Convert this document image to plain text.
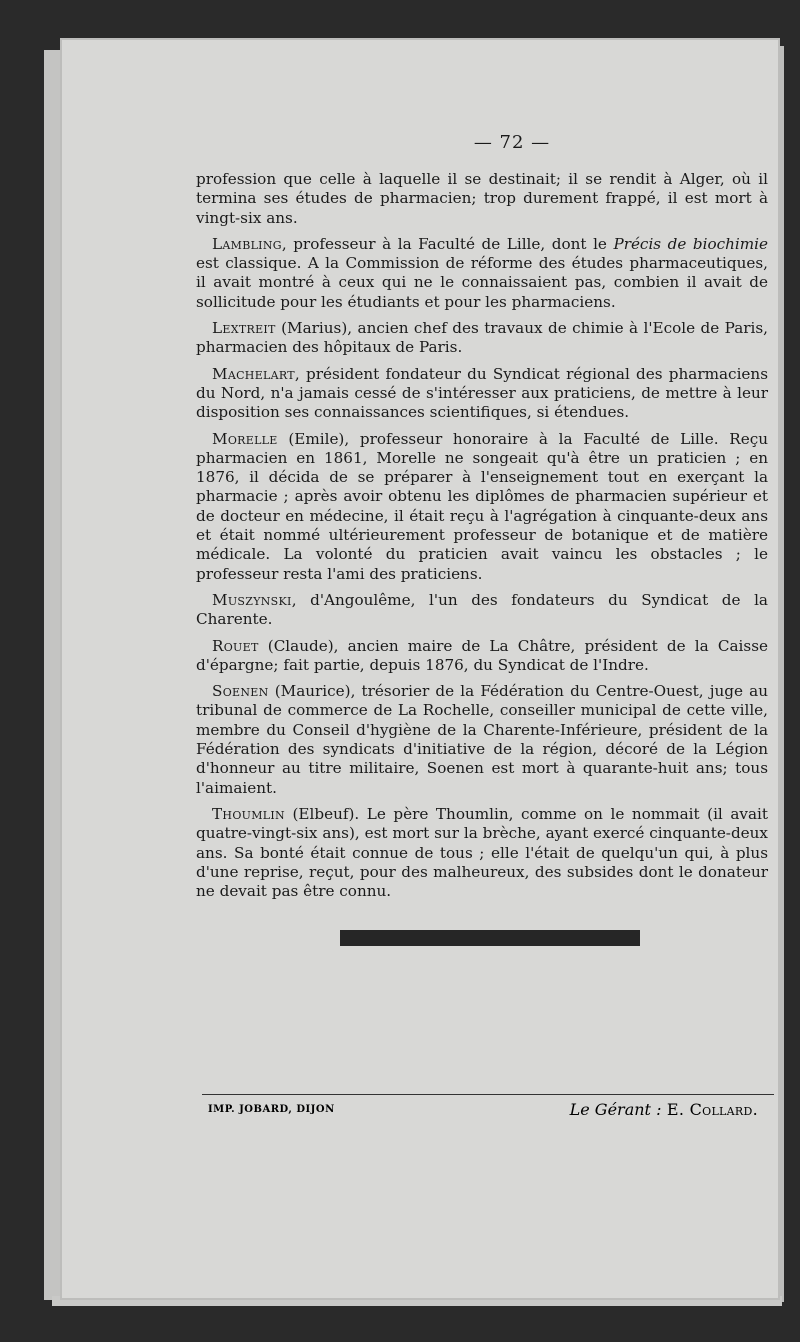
— 72 —

profession que celle à laquelle il se destinait; il se rendit à Alger, où il termina ses études de pharmacien; trop durement frappé, il est mort à vingt-six ans.

Lambling, professeur à la Faculté de Lille, dont le Précis de biochimie est classique. A la Commission de réforme des études pharmaceutiques, il avait montré à ceux qui ne le connaissaient pas, combien il avait de sollicitude pour les étudiants et pour les pharmaciens.

Lextreit (Marius), ancien chef des travaux de chimie à l'Ecole de Paris, pharmacien des hôpitaux de Paris.

Machelart, président fondateur du Syndicat régional des pharmaciens du Nord, n'a jamais cessé de s'intéresser aux praticiens, de mettre à leur disposition ses connaissances scientifiques, si étendues.

Morelle (Emile), professeur honoraire à la Faculté de Lille. Reçu pharmacien en 1861, Morelle ne songeait qu'à être un praticien ; en 1876, il décida de se préparer à l'enseignement tout en exerçant la pharmacie ; après avoir obtenu les diplômes de pharmacien supérieur et de docteur en médecine, il était reçu à l'agrégation à cinquante-deux ans et était nommé ultérieurement professeur de botanique et de matière médicale. La volonté du praticien avait vaincu les obstacles ; le professeur resta l'ami des praticiens.

Muszynski, d'Angoulême, l'un des fondateurs du Syndicat de la Charente.

Rouet (Claude), ancien maire de La Châtre, président de la Caisse d'épargne; fait partie, depuis 1876, du Syndicat de l'Indre.

Soenen (Maurice), trésorier de la Fédération du Centre-Ouest, juge au tribunal de commerce de La Rochelle, conseiller municipal de cette ville, membre du Conseil d'hygiène de la Charente-Inférieure, président de la Fédération des syndicats d'initiative de la région, décoré de la Légion d'honneur au titre militaire, Soenen est mort à quarante-huit ans; tous l'aimaient.

Thoumlin (Elbeuf). Le père Thoumlin, comme on le nommait (il avait quatre-vingt-six ans), est mort sur la brèche, ayant exercé cinquante-deux ans. Sa bonté était connue de tous ; elle l'était de quelqu'un qui, à plus d'une reprise, reçut, pour des malheureux, des subsides dont le donateur ne devait pas être connu.

IMP. JOBARD, DIJON	Le Gérant : E. Collard.
